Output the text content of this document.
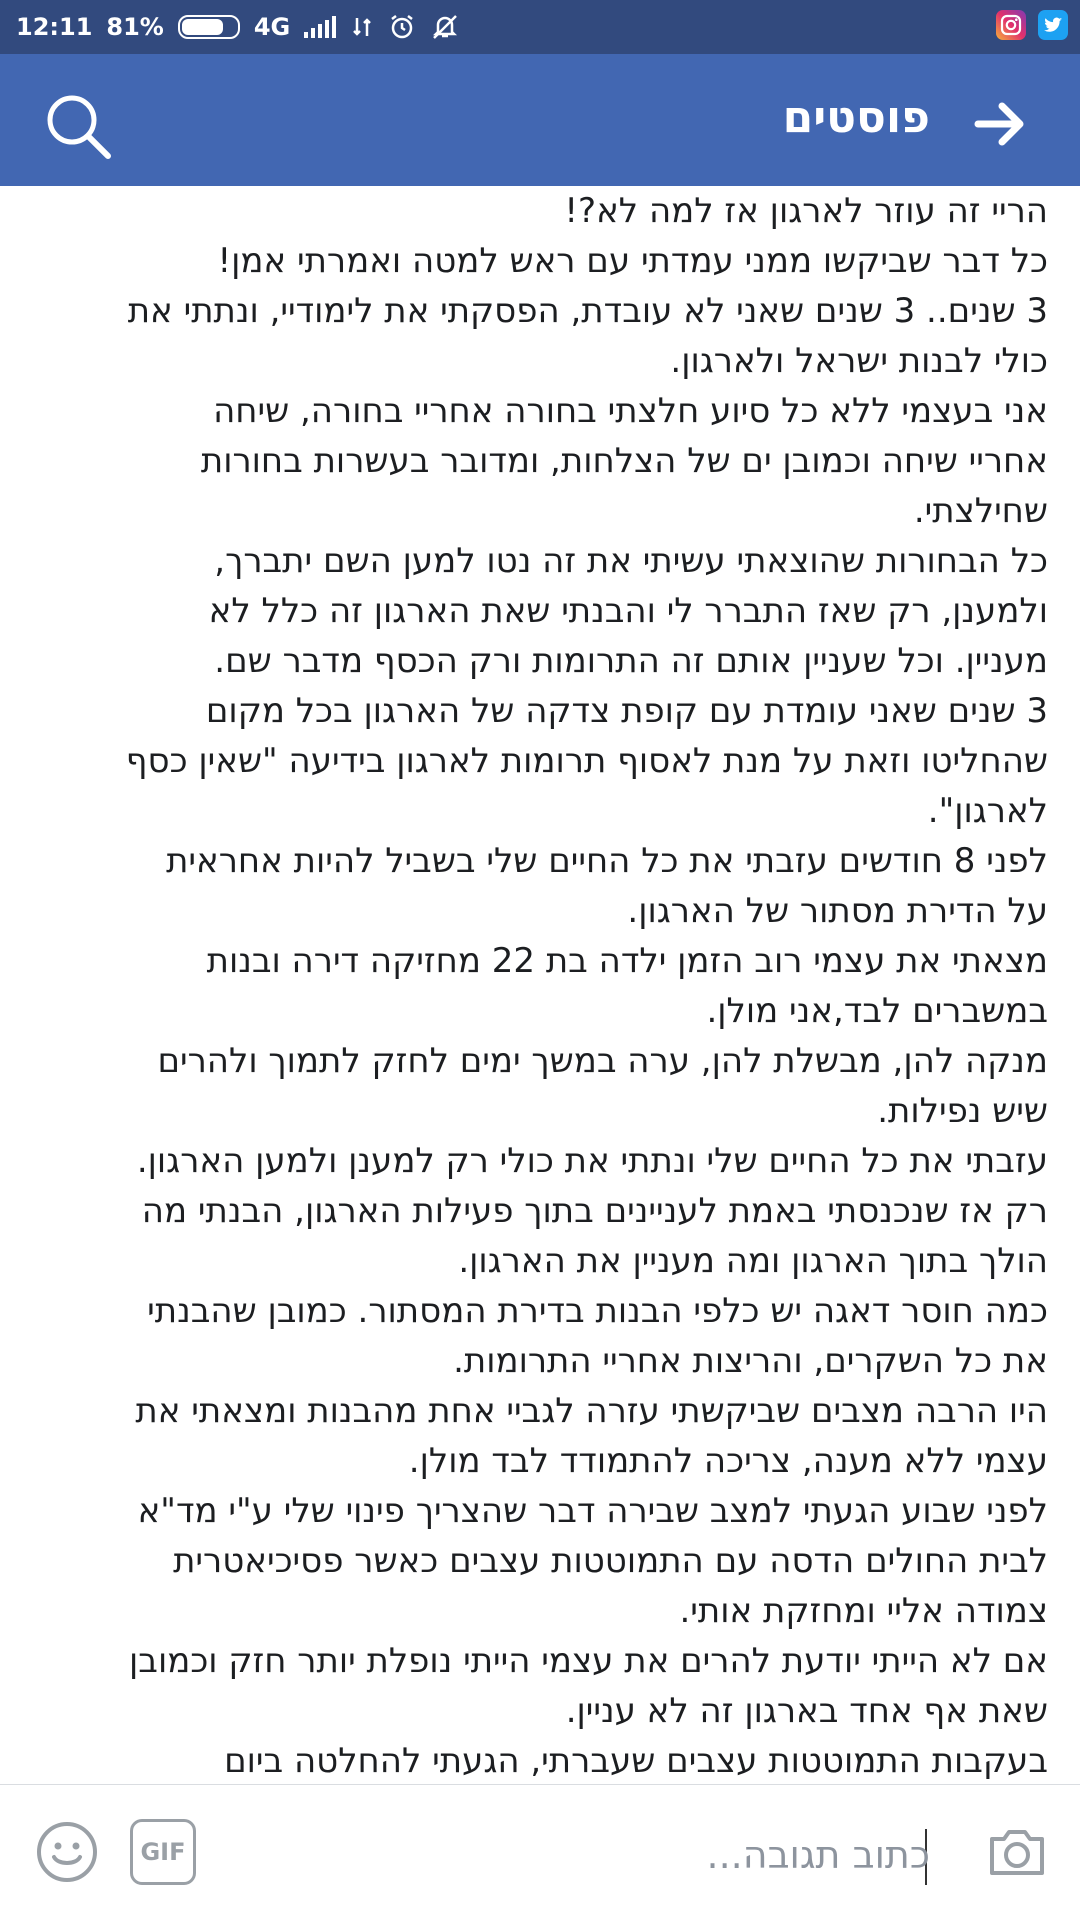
12:11 81%	4G
פוסטים

הריי זה עוזר לארגון אז למה לא?!

כל דבר שביקשו ממני עמדתי עם ראש למטה ואמרתי אמן!

3 שנים.. 3 שנים שאני לא עובדת, הפסקתי את לימודיי, ונתתי את

כולי לבנות ישראל ולארגון.

אני בעצמי ללא כל סיוע חלצתי בחורה אחריי בחורה, שיחה

אחריי שיחה וכמובן ים של הצלחות, ומדובר בעשרות בחורות

שחילצתי.

כל הבחורות שהוצאתי עשיתי את זה נטו למען השם יתברך,

ולמענן, רק שאז התברר לי והבנתי שאת הארגון זה כלל לא

מעניין. וכל שעניין אותם זה התרומות ורק הכסף מדבר שם.

3 שנים שאני עומדת עם קופת צדקה של הארגון בכל מקום

שהחליטו וזאת על מנת לאסוף תרומות לארגון בידיעה "שאין כסף

לארגון".

לפני 8 חודשים עזבתי את כל החיים שלי בשביל להיות אחראית

על הדירת מסתור של הארגון.

מצאתי את עצמי רוב הזמן ילדה בת 22 מחזיקה דירה ובנות

במשברים לבד,אני מולן.

מנקה להן, מבשלת להן, ערה במשך ימים לחזק לתמוך ולהרים

שיש נפילות.

עזבתי את כל החיים שלי ונתתי את כולי רק למענן ולמען הארגון.

רק אז שנכנסתי באמת לעניינים בתוך פעילות הארגון, הבנתי מה

הולך בתוך הארגון ומה מעניין את הארגון.

כמה חוסר דאגה יש כלפי הבנות בדירת המסתור. כמובן שהבנתי

את כל השקרים, והריצות אחריי התרומות.

היו הרבה מצבים שביקשתי עזרה לגביי אחת מהבנות ומצאתי את

עצמי ללא מענה, צריכה להתמודד לבד מולן.

לפני שבוע הגעתי למצב שבירה דבר שהצריך פינוי שלי ע"י מד"א

לבית החולים הדסה עם התמוטטות עצבים כאשר פסיכיאטרית

צמודה אליי ומחזקת אותי.

אם לא הייתי יודעת להרים את עצמי הייתי נופלת יותר חזק וכמובן

שאת אף אחד בארגון זה לא עניין.

בעקבות התמוטטות עצבים שעברתי, הגעתי להחלטה ביום

GIF	כתוב תגובה...
